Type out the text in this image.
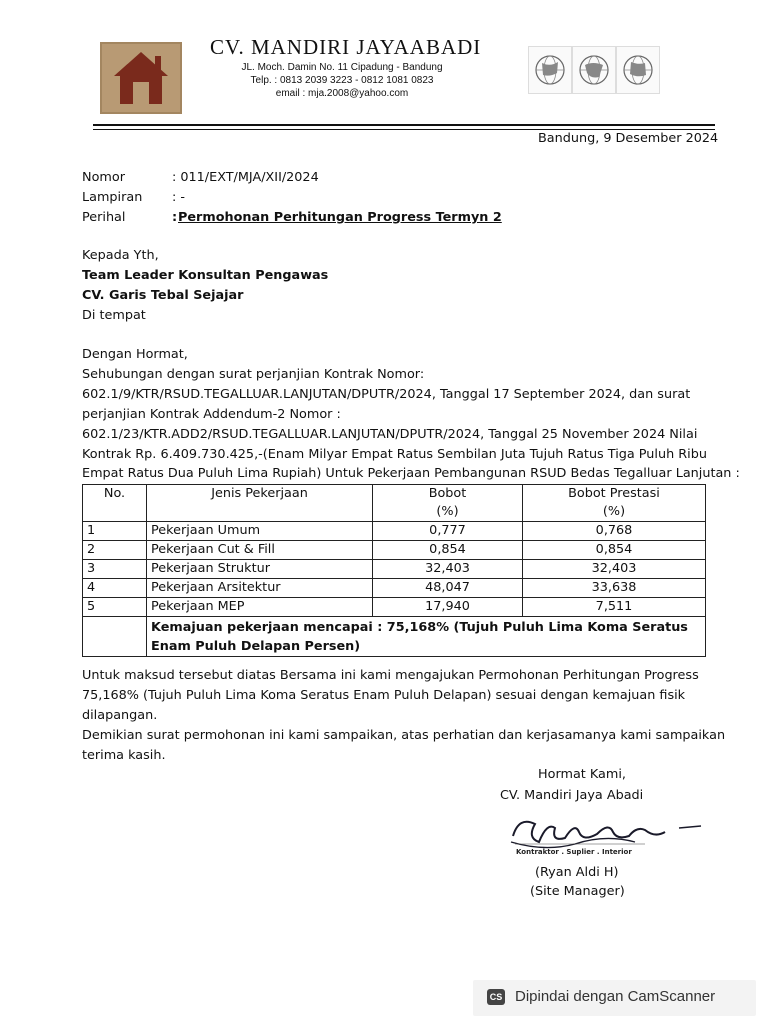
CV. MANDIRI JAYAABADI
JL. Moch. Damin No. 11 Cipadung - Bandung
Telp. : 0813 2039 3223 - 0812 1081 0823
email : mja.2008@yahoo.com
Bandung, 9 Desember 2024
Nomor	: 011/EXT/MJA/XII/2024
Lampiran : -
Perihal	: Permohonan Perhitungan Progress Termyn 2
Kepada Yth,
Team Leader Konsultan Pengawas
CV. Garis Tebal Sejajar
Di tempat
Dengan Hormat,
Sehubungan dengan surat perjanjian Kontrak Nomor:
602.1/9/KTR/RSUD.TEGALLUAR.LANJUTAN/DPUTR/2024, Tanggal 17 September 2024, dan surat
perjanjian Kontrak Addendum-2 Nomor :
602.1/23/KTR.ADD2/RSUD.TEGALLUAR.LANJUTAN/DPUTR/2024, Tanggal 25 November 2024 Nilai
Kontrak Rp. 6.409.730.425,-(Enam Milyar Empat Ratus Sembilan Juta Tujuh Ratus Tiga Puluh Ribu
Empat Ratus Dua Puluh Lima Rupiah) Untuk Pekerjaan Pembangunan RSUD Bedas Tegalluar Lanjutan :
No.	Jenis Pekerjaan	Bobot	Bobot Prestasi
		(%)	(%)
1	Pekerjaan Umum	0,777	0,768
2	Pekerjaan Cut & Fill	0,854	0,854
3	Pekerjaan Struktur	32,403	32,403
4	Pekerjaan Arsitektur	48,047	33,638
5	Pekerjaan MEP	17,940	7,511
	Kemajuan pekerjaan mencapai : 75,168% (Tujuh Puluh Lima Koma Seratus Enam Puluh Delapan Persen)		
Untuk maksud tersebut diatas Bersama ini kami mengajukan Permohonan Perhitungan Progress
75,168% (Tujuh Puluh Lima Koma Seratus Enam Puluh Delapan) sesuai dengan kemajuan fisik
dilapangan.
Demikian surat permohonan ini kami sampaikan, atas perhatian dan kerjasamanya kami sampaikan
terima kasih.
Hormat Kami,
CV. Mandiri Jaya Abadi
Kontraktor . Suplier . Interior
(Ryan Aldi H)
(Site Manager)
CS Dipindai dengan CamScanner
